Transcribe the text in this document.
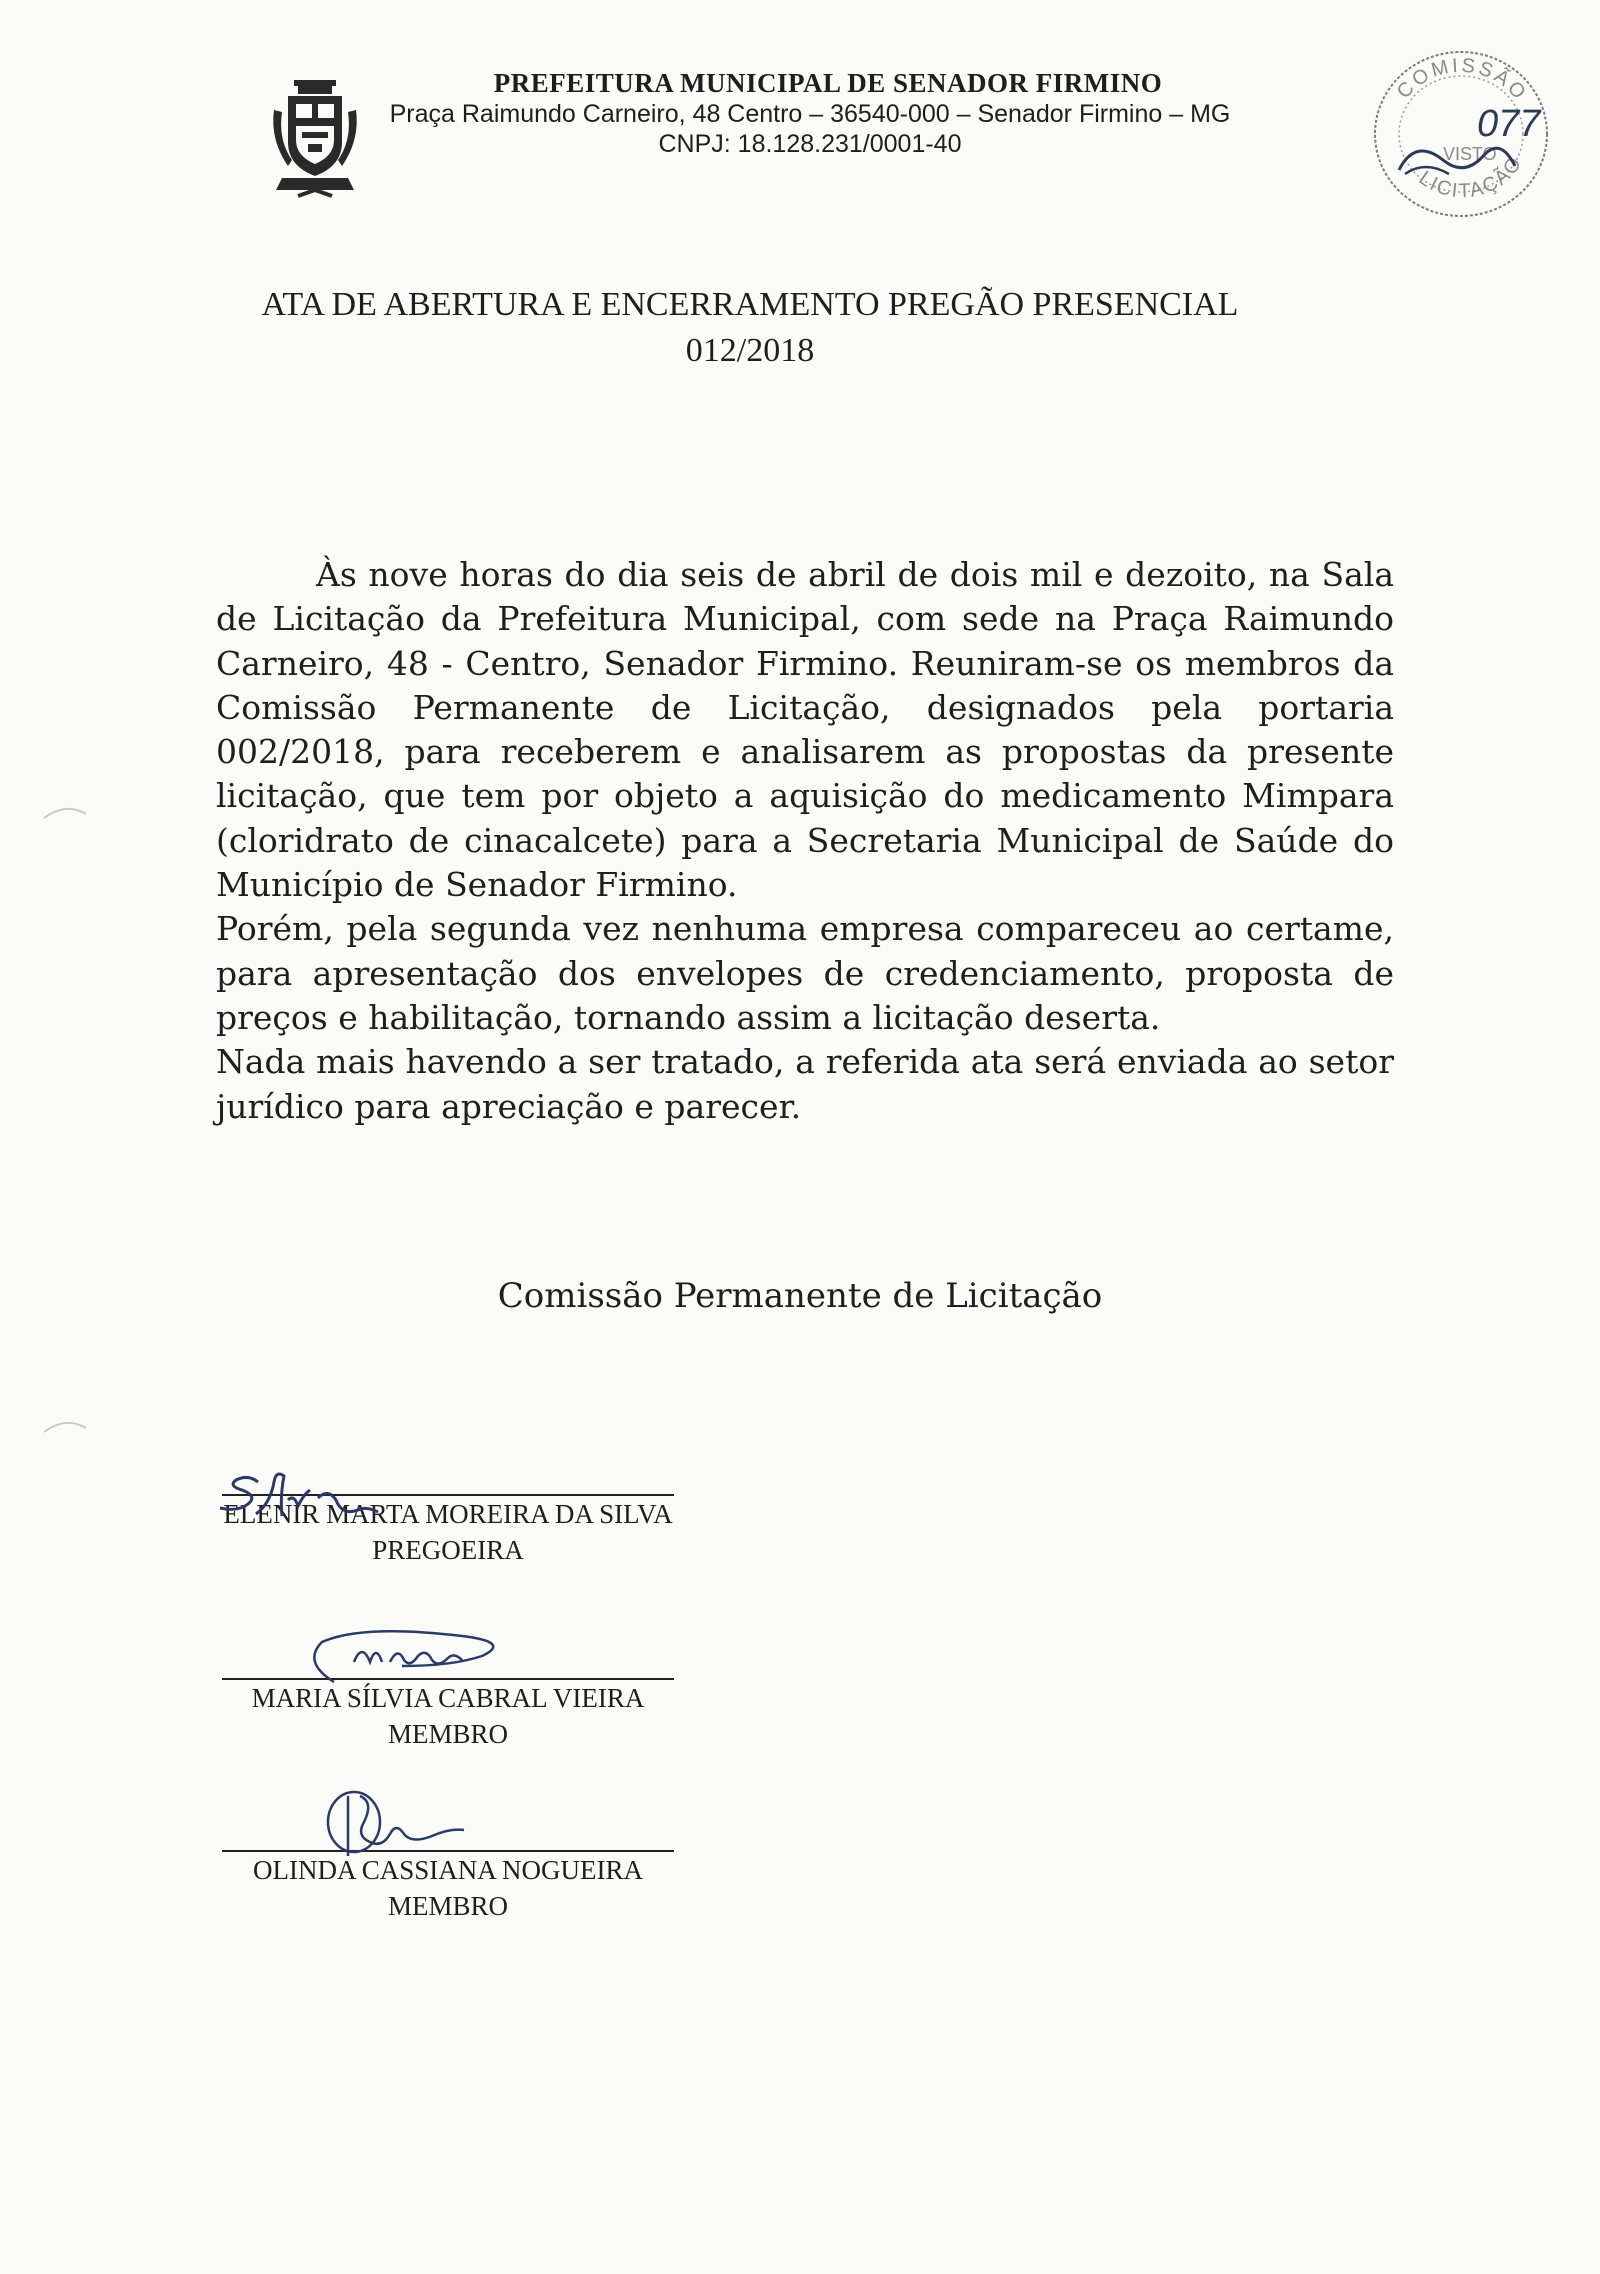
PREFEITURA MUNICIPAL DE SENADOR FIRMINO
Praça Raimundo Carneiro, 48 Centro – 36540-000 – Senador Firmino – MG
CNPJ: 18.128.231/0001-40
COMISSÃO
LICITAÇÃO
077
VISTO
ATA DE ABERTURA E ENCERRAMENTO PREGÃO PRESENCIAL
012/2018

Às nove horas do dia seis de abril de dois mil e dezoito, na Sala de Licitação da Prefeitura Municipal, com sede na Praça Raimundo Carneiro, 48 - Centro, Senador Firmino. Reuniram-se os membros da Comissão Permanente de Licitação, designados pela portaria 002/2018, para receberem e analisarem as propostas da presente licitação, que tem por objeto a aquisição do medicamento Mimpara (cloridrato de cinacalcete) para a Secretaria Municipal de Saúde do Município de Senador Firmino.

Porém, pela segunda vez nenhuma empresa compareceu ao certame, para apresentação dos envelopes de credenciamento, proposta de preços e habilitação, tornando assim a licitação deserta.

Nada mais havendo a ser tratado, a referida ata será enviada ao setor jurídico para apreciação e parecer.

Comissão Permanente de Licitação
ELENIR MARTA MOREIRA DA SILVA
PREGOEIRA
MARIA SÍLVIA CABRAL VIEIRA
MEMBRO
OLINDA CASSIANA NOGUEIRA
MEMBRO
